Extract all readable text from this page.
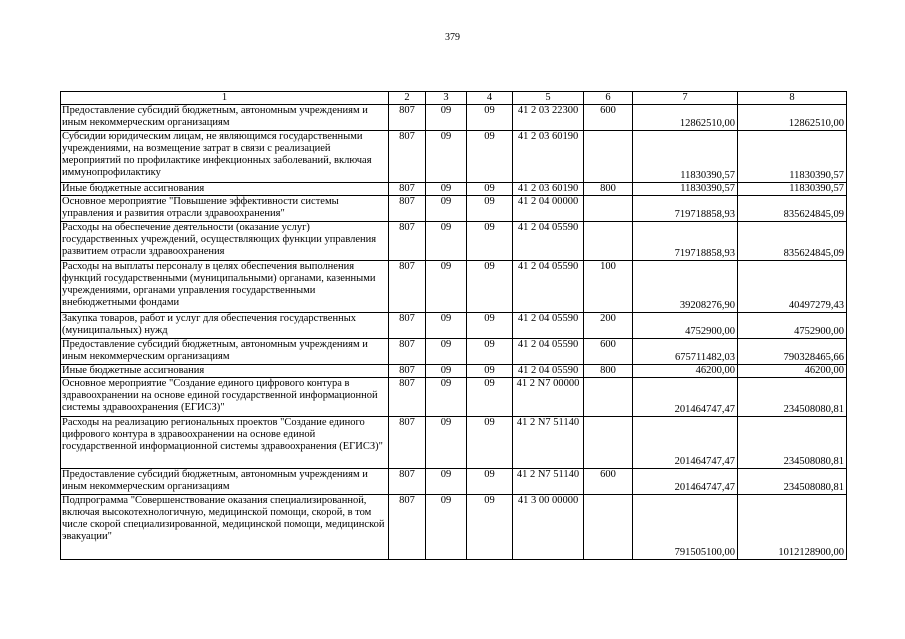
379
1	2	3	4	5	6	7	8
Предоставление субсидий бюджетным, автономным учреждениям и иным некоммерческим организациям	807	09	09	41 2 03 22300	600	12862510,00	12862510,00
Субсидии юридическим лицам, не являющимся государственными учреждениями, на возмещение затрат в связи с реализацией мероприятий по профилактике инфекционных заболеваний, включая иммунопрофилактику	807	09	09	41 2 03 60190		11830390,57	11830390,57
Иные бюджетные ассигнования	807	09	09	41 2 03 60190	800	11830390,57	11830390,57
Основное мероприятие "Повышение эффективности системы управления и развития отрасли здравоохранения"	807	09	09	41 2 04 00000		719718858,93	835624845,09
Расходы на обеспечение деятельности (оказание услуг) государственных учреждений, осуществляющих функции управления развитием отрасли здравоохранения	807	09	09	41 2 04 05590		719718858,93	835624845,09
Расходы на выплаты персоналу в целях обеспечения выполнения функций государственными (муниципальными) органами, казенными учреждениями, органами управления государственными внебюджетными фондами	807	09	09	41 2 04 05590	100	39208276,90	40497279,43
Закупка товаров, работ и услуг для обеспечения государственных (муниципальных) нужд	807	09	09	41 2 04 05590	200	4752900,00	4752900,00
Предоставление субсидий бюджетным, автономным учреждениям и иным некоммерческим организациям	807	09	09	41 2 04 05590	600	675711482,03	790328465,66
Иные бюджетные ассигнования	807	09	09	41 2 04 05590	800	46200,00	46200,00
Основное мероприятие "Создание единого цифрового контура в здравоохранении на основе единой государственной информационной системы здравоохранения (ЕГИСЗ)"	807	09	09	41 2 N7 00000		201464747,47	234508080,81
Расходы на реализацию региональных проектов "Создание единого цифрового контура в здравоохранении на основе единой государственной информационной системы здравоохранения (ЕГИСЗ)"	807	09	09	41 2 N7 51140		201464747,47	234508080,81
Предоставление субсидий бюджетным, автономным учреждениям и иным некоммерческим организациям	807	09	09	41 2 N7 51140	600	201464747,47	234508080,81
Подпрограмма "Совершенствование оказания специализированной, включая высокотехнологичную, медицинской помощи, скорой, в том числе скорой специализированной, медицинской помощи, медицинской эвакуации"	807	09	09	41 3 00 00000		791505100,00	1012128900,00
